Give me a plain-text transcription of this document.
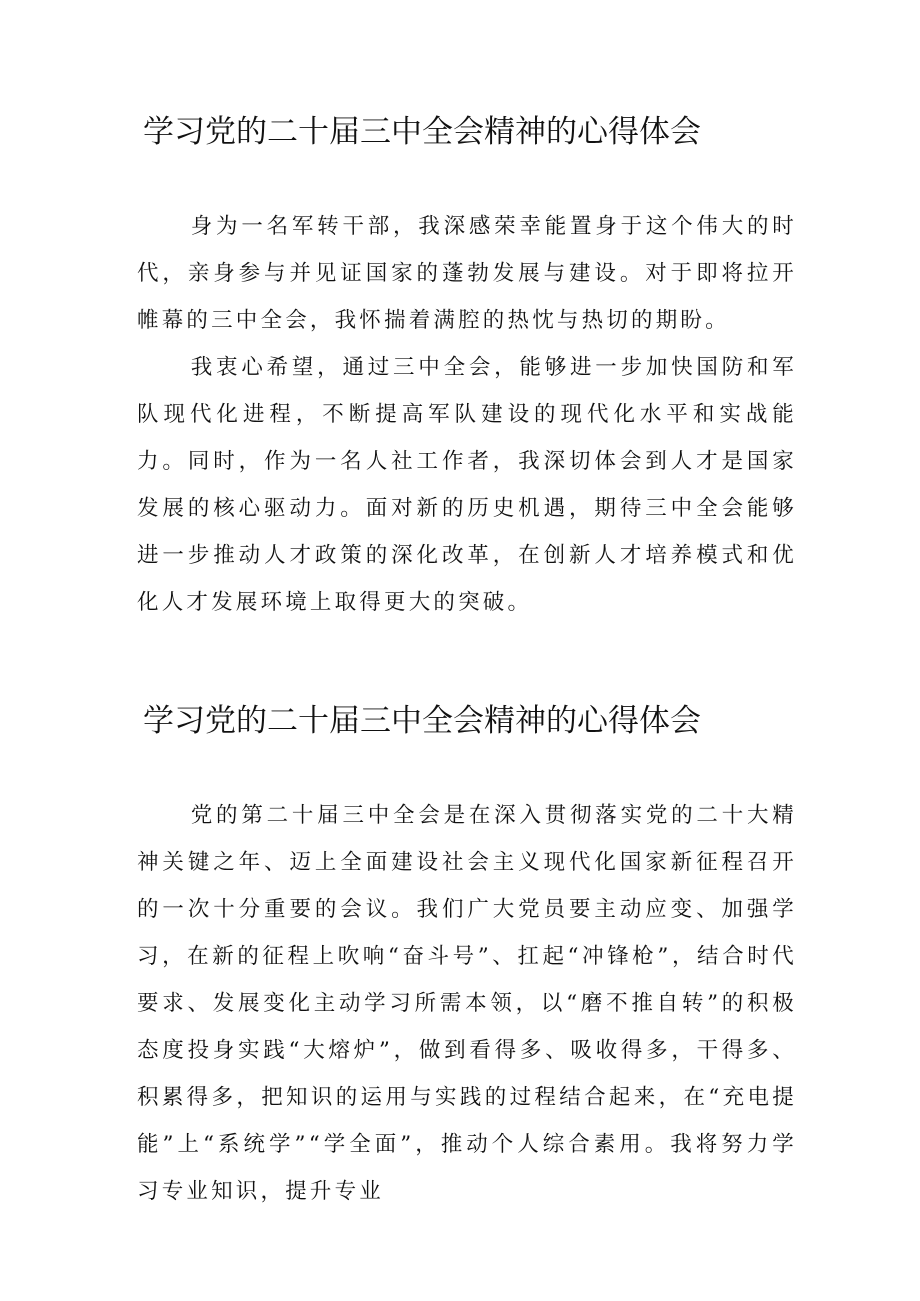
学习党的二十届三中全会精神的心得体会

身为一名军转干部，我深感荣幸能置身于这个伟大的时代，亲身参与并见证国家的蓬勃发展与建设。对于即将拉开帷幕的三中全会，我怀揣着满腔的热忱与热切的期盼。

我衷心希望，通过三中全会，能够进一步加快国防和军队现代化进程，不断提高军队建设的现代化水平和实战能力。同时，作为一名人社工作者，我深切体会到人才是国家发展的核心驱动力。面对新的历史机遇，期待三中全会能够进一步推动人才政策的深化改革，在创新人才培养模式和优化人才发展环境上取得更大的突破。

学习党的二十届三中全会精神的心得体会

党的第二十届三中全会是在深入贯彻落实党的二十大精神关键之年、迈上全面建设社会主义现代化国家新征程召开的一次十分重要的会议。我们广大党员要主动应变、加强学习，在新的征程上吹响“奋斗号”、扛起“冲锋枪”，结合时代要求、发展变化主动学习所需本领，以“磨不推自转”的积极态度投身实践“大熔炉”，做到看得多、吸收得多，干得多、积累得多，把知识的运用与实践的过程结合起来，在“充电提能”上“系统学”“学全面”，推动个人综合素用。我将努力学习专业知识，提升专业
